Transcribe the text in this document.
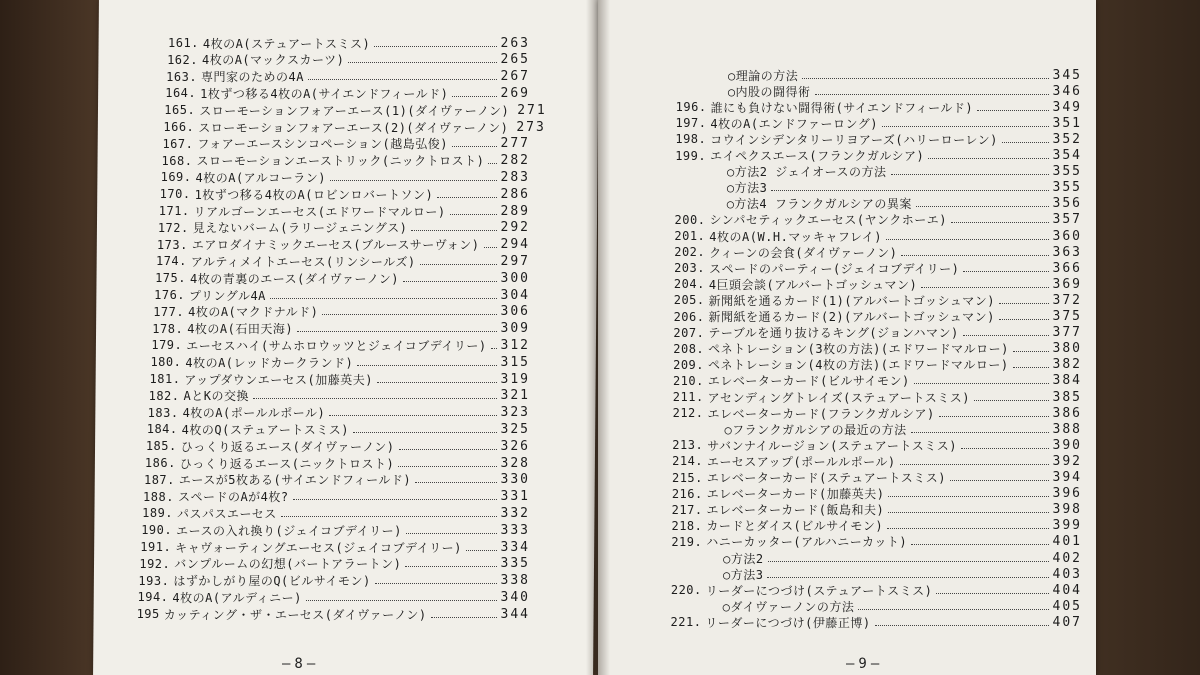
161. 4枚のA(ステュアートスミス)	263
162. 4枚のA(マックスカーツ)	265
163. 専門家のための4A	267
164. 1枚ずつ移る4枚のA(サイエンドフィールド)	269
165. スローモーションフォアーエース(1)(ダイヴァーノン) 271
166. スローモーションフォアーエース(2)(ダイヴァーノン) 273
167. フォアーエースシンコペーション(越島弘俊)	277
168. スローモーションエーストリック(ニックトロスト) 282
169. 4枚のA(アルコーラン)	283
170. 1枚ずつ移る4枚のA(ロビンロバートソン)	286
171. リアルゴーンエーセス(エドワードマルロー)	289
172. 見えないバーム(ラリージェニングス)	292
173. エアロダイナミックエーセス(ブルースサーヴォン) 294
174. アルティメイトエーセス(リンシールズ)	297
175. 4枚の青裏のエース(ダイヴァーノン)	300
176. プリングル4A	304
177. 4枚のA(マクドナルド)	306
178. 4枚のA(石田天海)	309
179. エーセスハイ(サムホロウッツとジェイコブデイリー) 312
180. 4枚のA(レッドカークランド)	315
181. アップダウンエーセス(加藤英夫)	319
182. AとKの交換	321
183. 4枚のA(ポールルポール)	323
184. 4枚のQ(ステュアートスミス)	325
185. ひっくり返るエース(ダイヴァーノン)	326
186. ひっくり返るエース(ニックトロスト)	328
187. エースが5枚ある(サイエンドフィールド)	330
188. スペードのAが4枚?	331
189. パスパスエーセス	332
190. エースの入れ換り(ジェイコブデイリー)	333
191. キャヴォーティングエーセス(ジェイコブデイリー)	334
192. バンプルームの幻想(バートアラートン)	335
193. はずかしがり屋のQ(ビルサイモン)	338
194. 4枚のA(アルディニー)	340
195 カッティング・ザ・エーセス(ダイヴァーノン)	344
○理論の方法	345
○内股の闘得術	346
196. 誰にも負けない闘得術(サイエンドフィールド)	349
197. 4枚のA(エンドファーロング)	351
198. コウインシデンタリーリヨアーズ(ハリーローレン)	352
199. エイペクスエース(フランクガルシア)	354
○方法2 ジェイオースの方法	355
○方法3	355
○方法4 フランクガルシアの異案	356
200. シンパセティックエーセス(ヤンクホーエ)	357
201. 4枚のA(W.H.マッキャフレイ)	360
202. クィーンの会食(ダイヴァーノン)	363
203. スペードのパーティー(ジェイコブデイリー)	366
204. 4巨頭会談(アルバートゴッシュマン)	369
205. 新聞紙を通るカード(1)(アルバートゴッシュマン)	372
206. 新聞紙を通るカード(2)(アルバートゴッシュマン)	375
207. テーブルを通り抜けるキング(ジョンハマン)	377
208. ペネトレーション(3枚の方法)(エドワードマルロー)	380
209. ペネトレーション(4枚の方法)(エドワードマルロー)	382
210. エレベーターカード(ビルサイモン)	384
211. アセンディングトレイズ(ステュアートスミス)	385
212. エレベーターカード(フランクガルシア)	386
○フランクガルシアの最近の方法	388
213. サバンナイルージョン(ステュアートスミス)	390
214. エーセスアップ(ポールルポール)	392
215. エレベーターカード(ステュアートスミス)	394
216. エレベーターカード(加藤英夫)	396
217. エレベーターカード(飯島和夫)	398
218. カードとダイス(ビルサイモン)	399
219. ハニーカッター(アルハニーカット)	401
○方法2	402
○方法3	403
220. リーダーにつづけ(ステュアートスミス)	404
○ダイヴァーノンの方法	405
221. リーダーにつづけ(伊藤正博)	407
—8—	—9—
